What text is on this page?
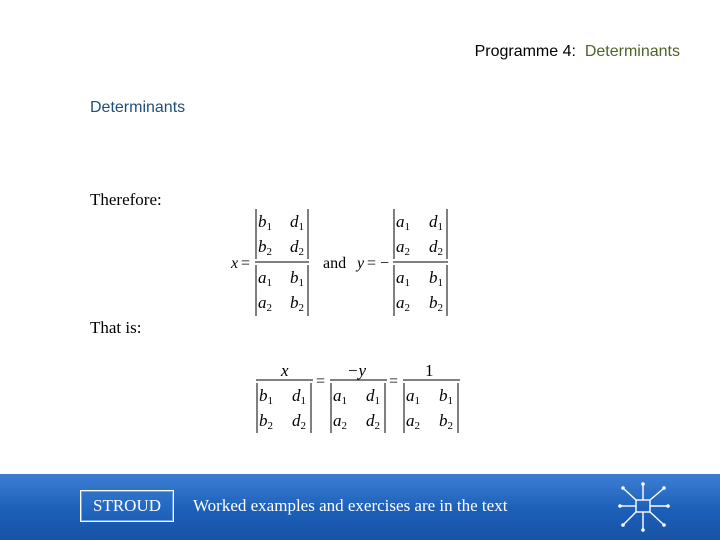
Programme 4: Determinants
Determinants
Therefore:
That is:
x =
b1 d1
b2 d2
a1 b1
a2 b2
and y = −
a1 d1
a2 d2
a1 b1
a2 b2
x	−y	1
=	=
b1 d1
b2 d2
a1 d1
a2 d2
a1 b1
a2 b2
STROUD	Worked examples and exercises are in the text
